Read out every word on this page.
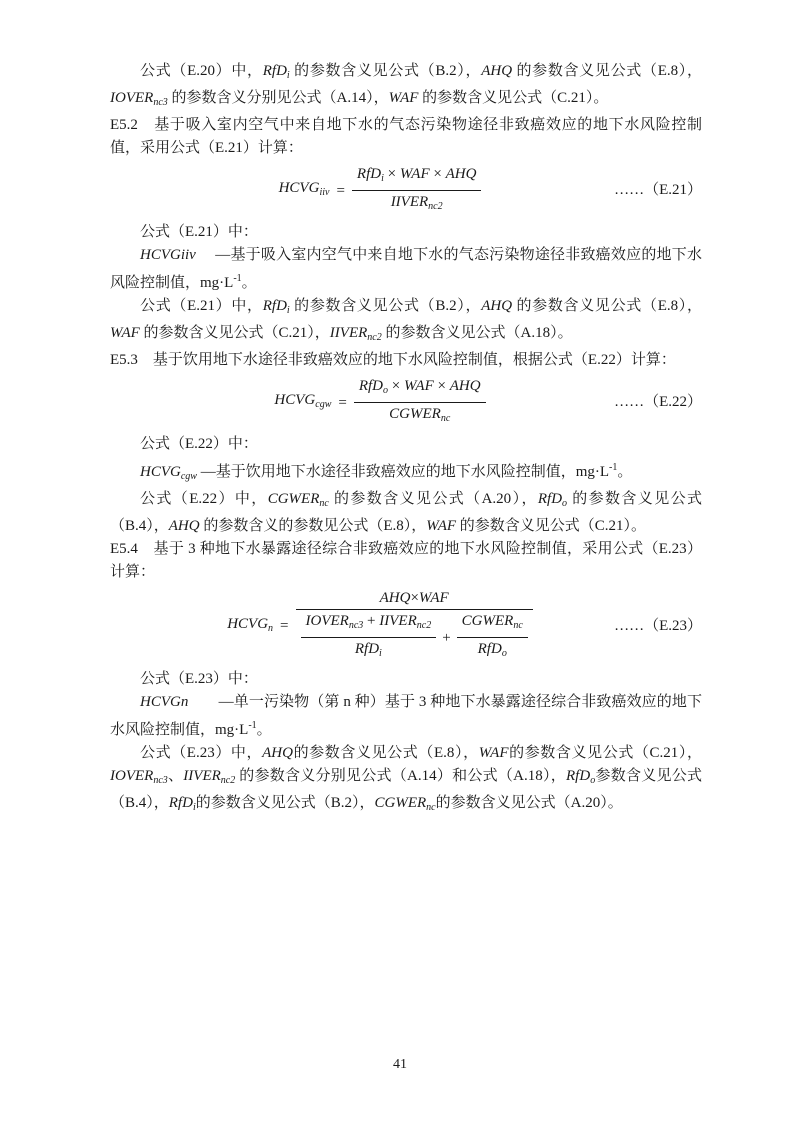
公式（E.20）中，RfD$_i$ 的参数含义见公式（B.2），AHQ 的参数含义见公式（E.8），$IOVER_{nc3}$ 的参数含义分别见公式（A.14），WAF 的参数含义见公式（C.21）。

E5.2　基于吸入室内空气中来自地下水的气态污染物途径非致癌效应的地下水风险控制值，采用公式（E.21）计算：

$HCVG_{iiv} = \frac{RfD_i \times WAF \times AHQ}{IIVER_{nc2}}$	……（E.21）

公式（E.21）中：

HCVGiiv　 —基于吸入室内空气中来自地下水的气态污染物途径非致癌效应的地下水 风险控制值，$mg\cdot L^{-1}$。

公式（E.21）中，RfD$_i$ 的参数含义见公式（B.2），AHQ 的参数含义见公式（E.8），WAF 的参数含义见公式（C.21），$IIVER_{nc2}$ 的参数含义见公式（A.18）。

E5.3　基于饮用地下水途径非致癌效应的地下水风险控制值，根据公式（E.22）计算：

$HCVG_{cgw} = \frac{RfD_o \times WAF \times AHQ}{CGWER_{nc}}$	……（E.22）

公式（E.22）中：

$HCVG_{cgw}$ —基于饮用地下水途径非致癌效应的地下水风险控制值，$mg\cdot L^{-1}$。

公式（E.22）中，$CGWER_{nc}$ 的参数含义见公式（A.20），RfD$_o$ 的参数含义见公式（B.4），AHQ 的参数含义的参数见公式（E.8），WAF 的参数含义见公式（C.21）。

E5.4　基于 3 种地下水暴露途径综合非致癌效应的地下水风险控制值，采用公式（E.23）计算：

$HCVG_n$ =
AHQ×WAF
$\frac{IOVER_{nc3} + IIVER_{nc2}}{RfD_i} + \frac{CGWER_{nc}}{RfD_o}$	……（E.23）

公式（E.23）中：

HCVGn　　—单一污染物（第 n 种）基于 3 种地下水暴露途径综合非致癌效应的地下 水风险控制值，$mg\cdot L^{-1}$。

公式（E.23）中，AHQ的参数含义见公式（E.8），WAF的参数含义见公式（C.21），$IOVER_{nc3}$、$IIVER_{nc2}$ 的参数含义分别见公式（A.14）和公式（A.18），RfD$_o$参数含义见公式（B.4），RfD$_i$的参数含义见公式（B.2），$CGWER_{nc}$的参数含义见公式（A.20）。

41
